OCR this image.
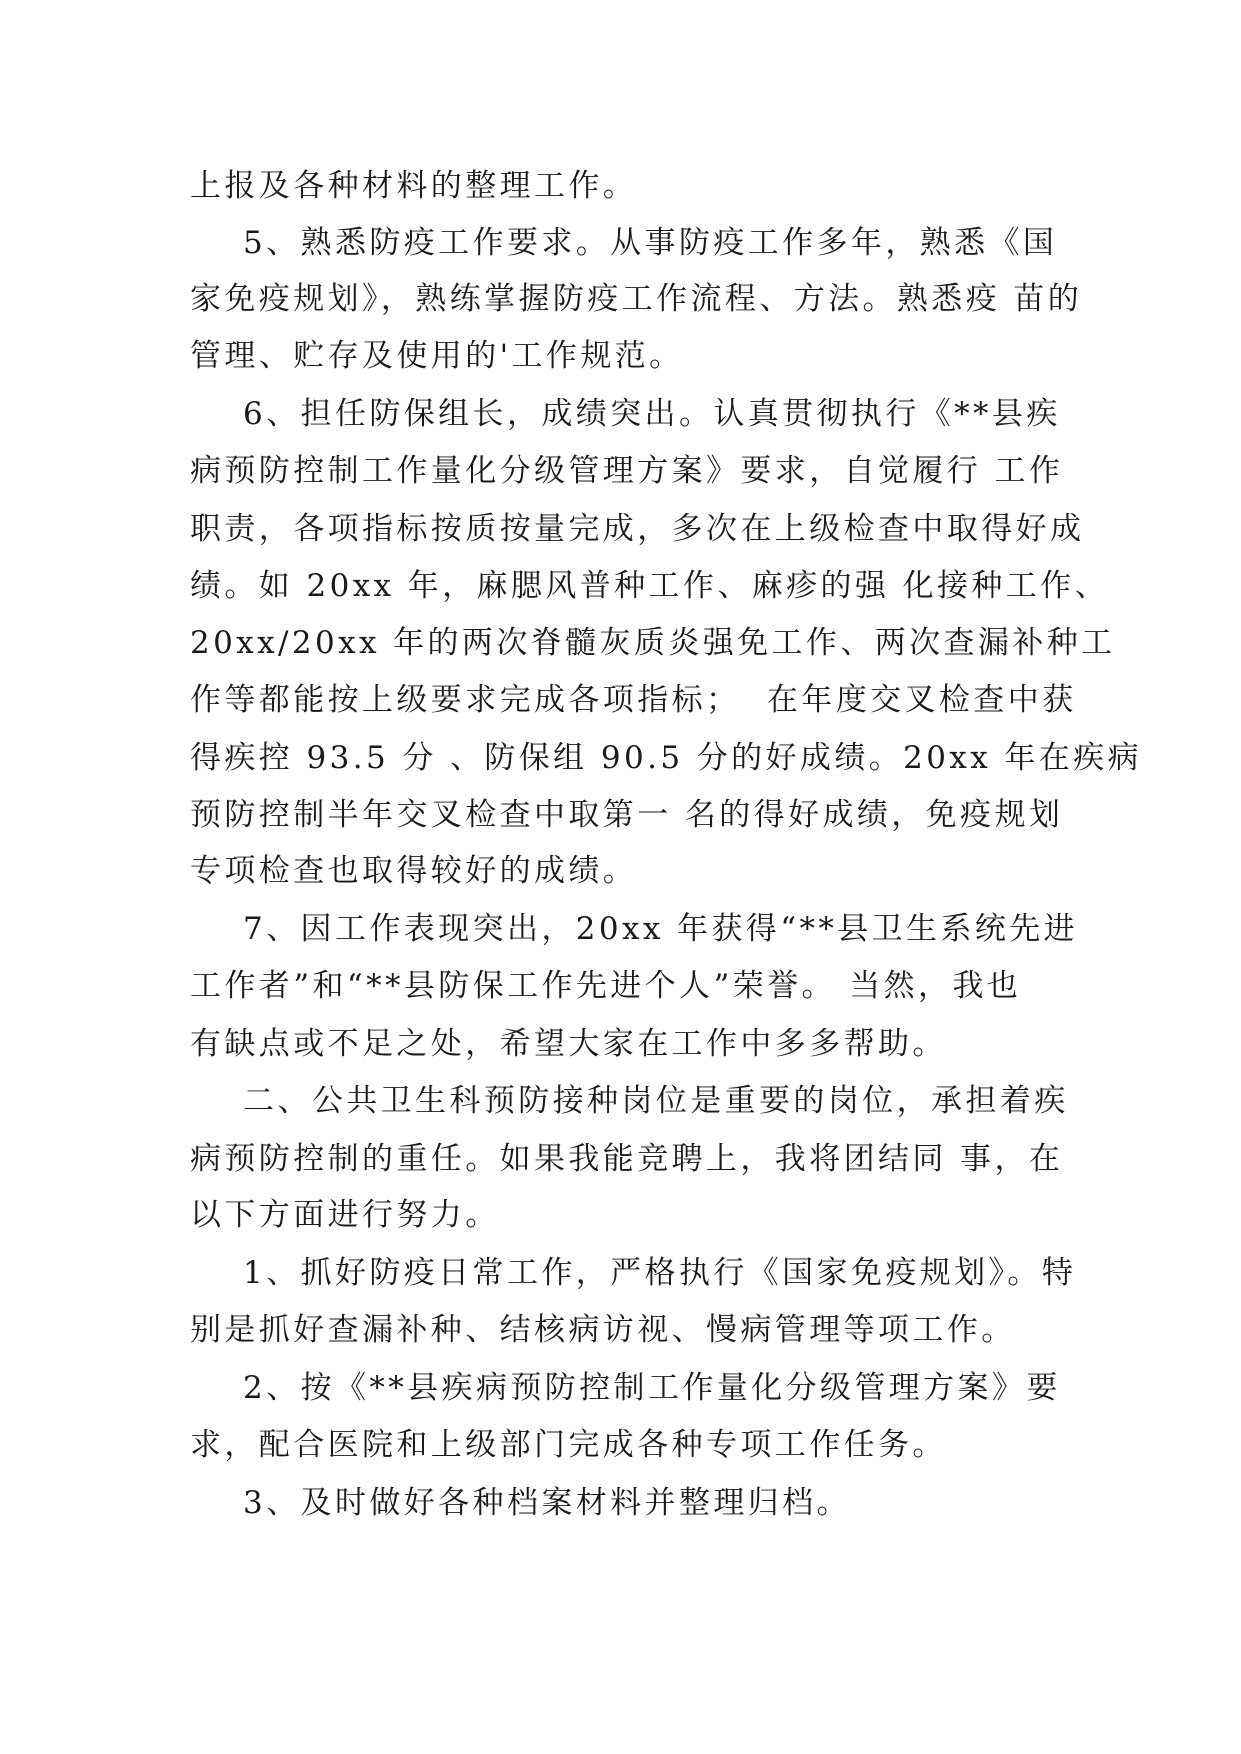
上报及各种材料的整理工作。
5、熟悉防疫工作要求。从事防疫工作多年，熟悉《国
家免疫规划》，熟练掌握防疫工作流程、方法。熟悉疫 苗的
管理、贮存及使用的'工作规范。
6、担任防保组长，成绩突出。认真贯彻执行《**县疾
病预防控制工作量化分级管理方案》要求，自觉履行 工作
职责，各项指标按质按量完成，多次在上级检查中取得好成
绩。如 20xx 年，麻腮风普种工作、麻疹的强 化接种工作、
20xx/20xx 年的两次脊髓灰质炎强免工作、两次查漏补种工
作等都能按上级要求完成各项指标；  在年度交叉检查中获
得疾控 93.5 分 、防保组 90.5 分的好成绩。20xx 年在疾病
预防控制半年交叉检查中取第一 名的得好成绩，免疫规划
专项检查也取得较好的成绩。
7、因工作表现突出，20xx 年获得“**县卫生系统先进
工作者”和“**县防保工作先进个人”荣誉。 当然，我也
有缺点或不足之处，希望大家在工作中多多帮助。
二、公共卫生科预防接种岗位是重要的岗位，承担着疾
病预防控制的重任。如果我能竞聘上，我将团结同 事，在
以下方面进行努力。
1、抓好防疫日常工作，严格执行《国家免疫规划》。特
别是抓好查漏补种、结核病访视、慢病管理等项工作。
2、按《**县疾病预防控制工作量化分级管理方案》要
求，配合医院和上级部门完成各种专项工作任务。
3、及时做好各种档案材料并整理归档。
